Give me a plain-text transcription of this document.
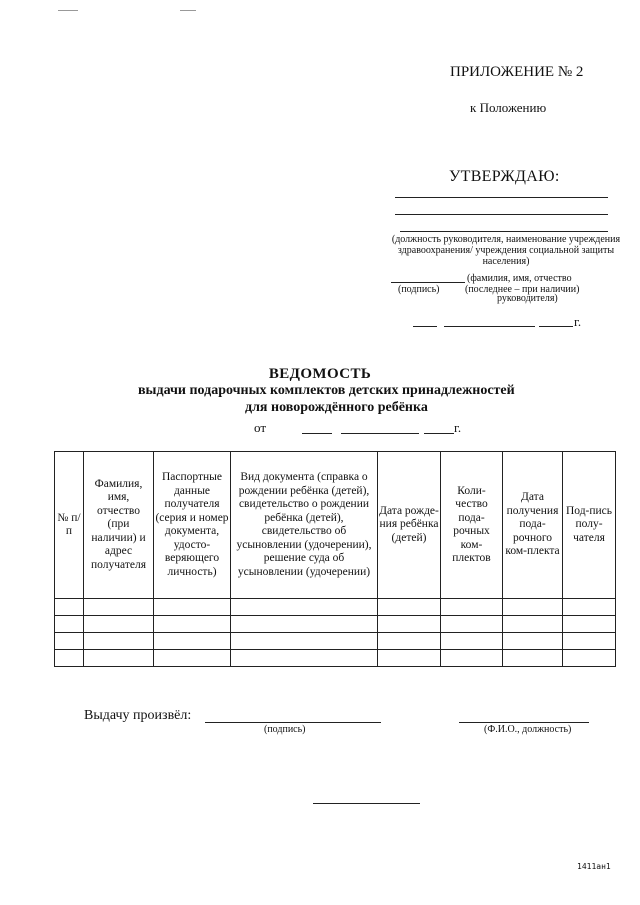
ПРИЛОЖЕНИЕ № 2
к Положению
УТВЕРЖДАЮ:
(должность руководителя, наименование учреждения здравоохранения/ учреждения социальной защиты населения)
(подпись)
(фамилия, имя, отчество
(последнее – при наличии)
руководителя)
г.
ВЕДОМОСТЬ
выдачи подарочных комплектов детских принадлежностей
для новорождённого ребёнка
от	г.
№ п/п	Фамилия, имя, отчество (при наличии) и адрес получателя	Паспортные данные получателя (серия и номер документа, удосто-веряющего личность)	Вид документа (справка о рождении ребёнка (детей), свидетельство о рождении ребёнка (детей), свидетельство об усыновлении (удочерении), решение суда об усыновлении (удочерении)	Дата рожде-ния ребёнка (детей)	Коли-чество пода-рочных ком-плектов	Дата получения пода-рочного ком-плекта	Под-пись полу-чателя

Выдачу произвёл:
(подпись)	(Ф.И.О., должность)
1411ан1
